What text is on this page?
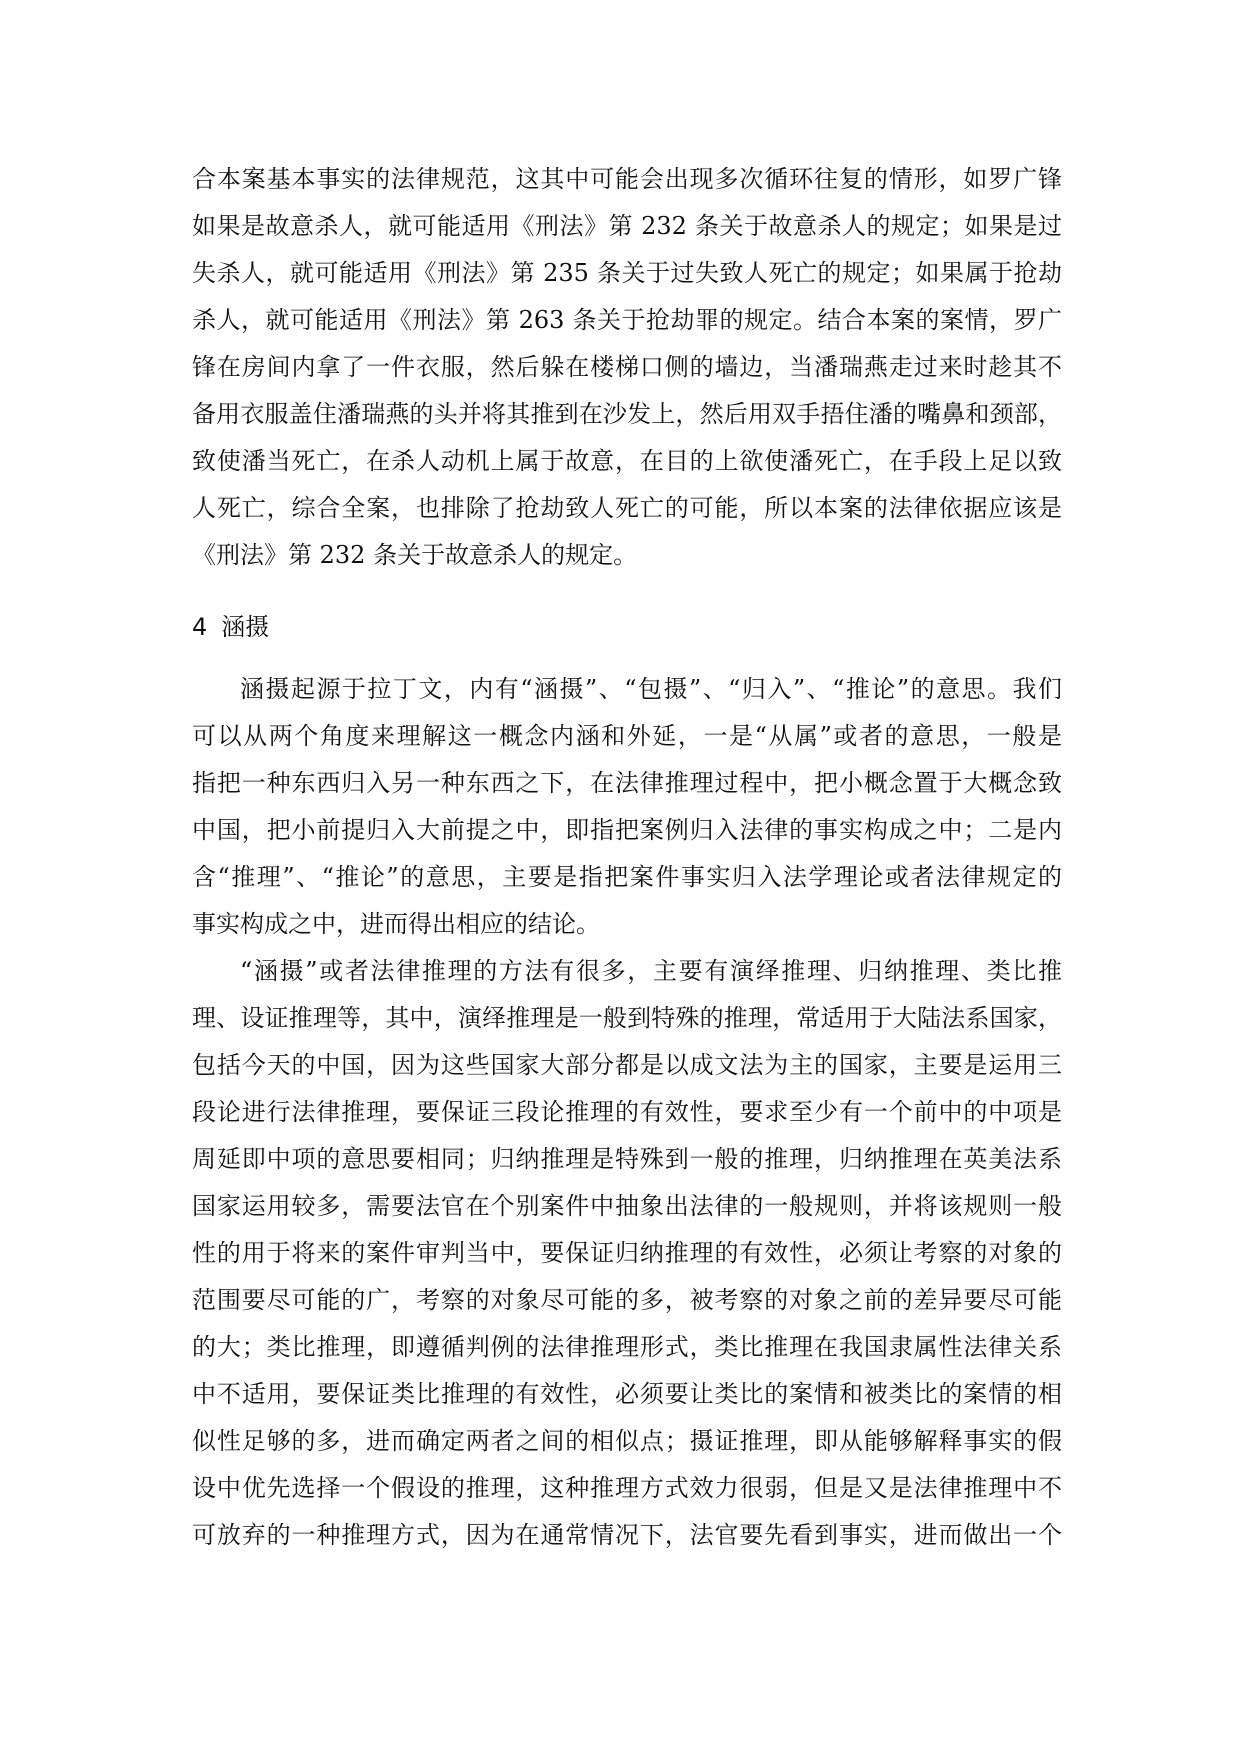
合本案基本事实的法律规范，这其中可能会出现多次循环往复的情形，如罗广锋
如果是故意杀人，就可能适用《刑法》第 232 条关于故意杀人的规定；如果是过
失杀人，就可能适用《刑法》第 235 条关于过失致人死亡的规定；如果属于抢劫
杀人，就可能适用《刑法》第 263 条关于抢劫罪的规定。结合本案的案情，罗广
锋在房间内拿了一件衣服，然后躲在楼梯口侧的墙边，当潘瑞燕走过来时趁其不
备用衣服盖住潘瑞燕的头并将其推到在沙发上，然后用双手捂住潘的嘴鼻和颈部，
致使潘当死亡，在杀人动机上属于故意，在目的上欲使潘死亡，在手段上足以致
人死亡，综合全案，也排除了抢劫致人死亡的可能，所以本案的法律依据应该是
《刑法》第 232 条关于故意杀人的规定。
4 涵摄
涵摄起源于拉丁文，内有“涵摄”、“包摄”、“归入”、“推论”的意思。我们
可以从两个角度来理解这一概念内涵和外延，一是“从属”或者的意思，一般是
指把一种东西归入另一种东西之下，在法律推理过程中，把小概念置于大概念致
中国，把小前提归入大前提之中，即指把案例归入法律的事实构成之中；二是内
含“推理”、“推论”的意思，主要是指把案件事实归入法学理论或者法律规定的
事实构成之中，进而得出相应的结论。
“涵摄”或者法律推理的方法有很多，主要有演绎推理、归纳推理、类比推
理、设证推理等，其中，演绎推理是一般到特殊的推理，常适用于大陆法系国家，
包括今天的中国，因为这些国家大部分都是以成文法为主的国家，主要是运用三
段论进行法律推理，要保证三段论推理的有效性，要求至少有一个前中的中项是
周延即中项的意思要相同；归纳推理是特殊到一般的推理，归纳推理在英美法系
国家运用较多，需要法官在个别案件中抽象出法律的一般规则，并将该规则一般
性的用于将来的案件审判当中，要保证归纳推理的有效性，必须让考察的对象的
范围要尽可能的广，考察的对象尽可能的多，被考察的对象之前的差异要尽可能
的大；类比推理，即遵循判例的法律推理形式，类比推理在我国隶属性法律关系
中不适用，要保证类比推理的有效性，必须要让类比的案情和被类比的案情的相
似性足够的多，进而确定两者之间的相似点；摄证推理，即从能够解释事实的假
设中优先选择一个假设的推理，这种推理方式效力很弱，但是又是法律推理中不
可放弃的一种推理方式，因为在通常情况下，法官要先看到事实，进而做出一个
